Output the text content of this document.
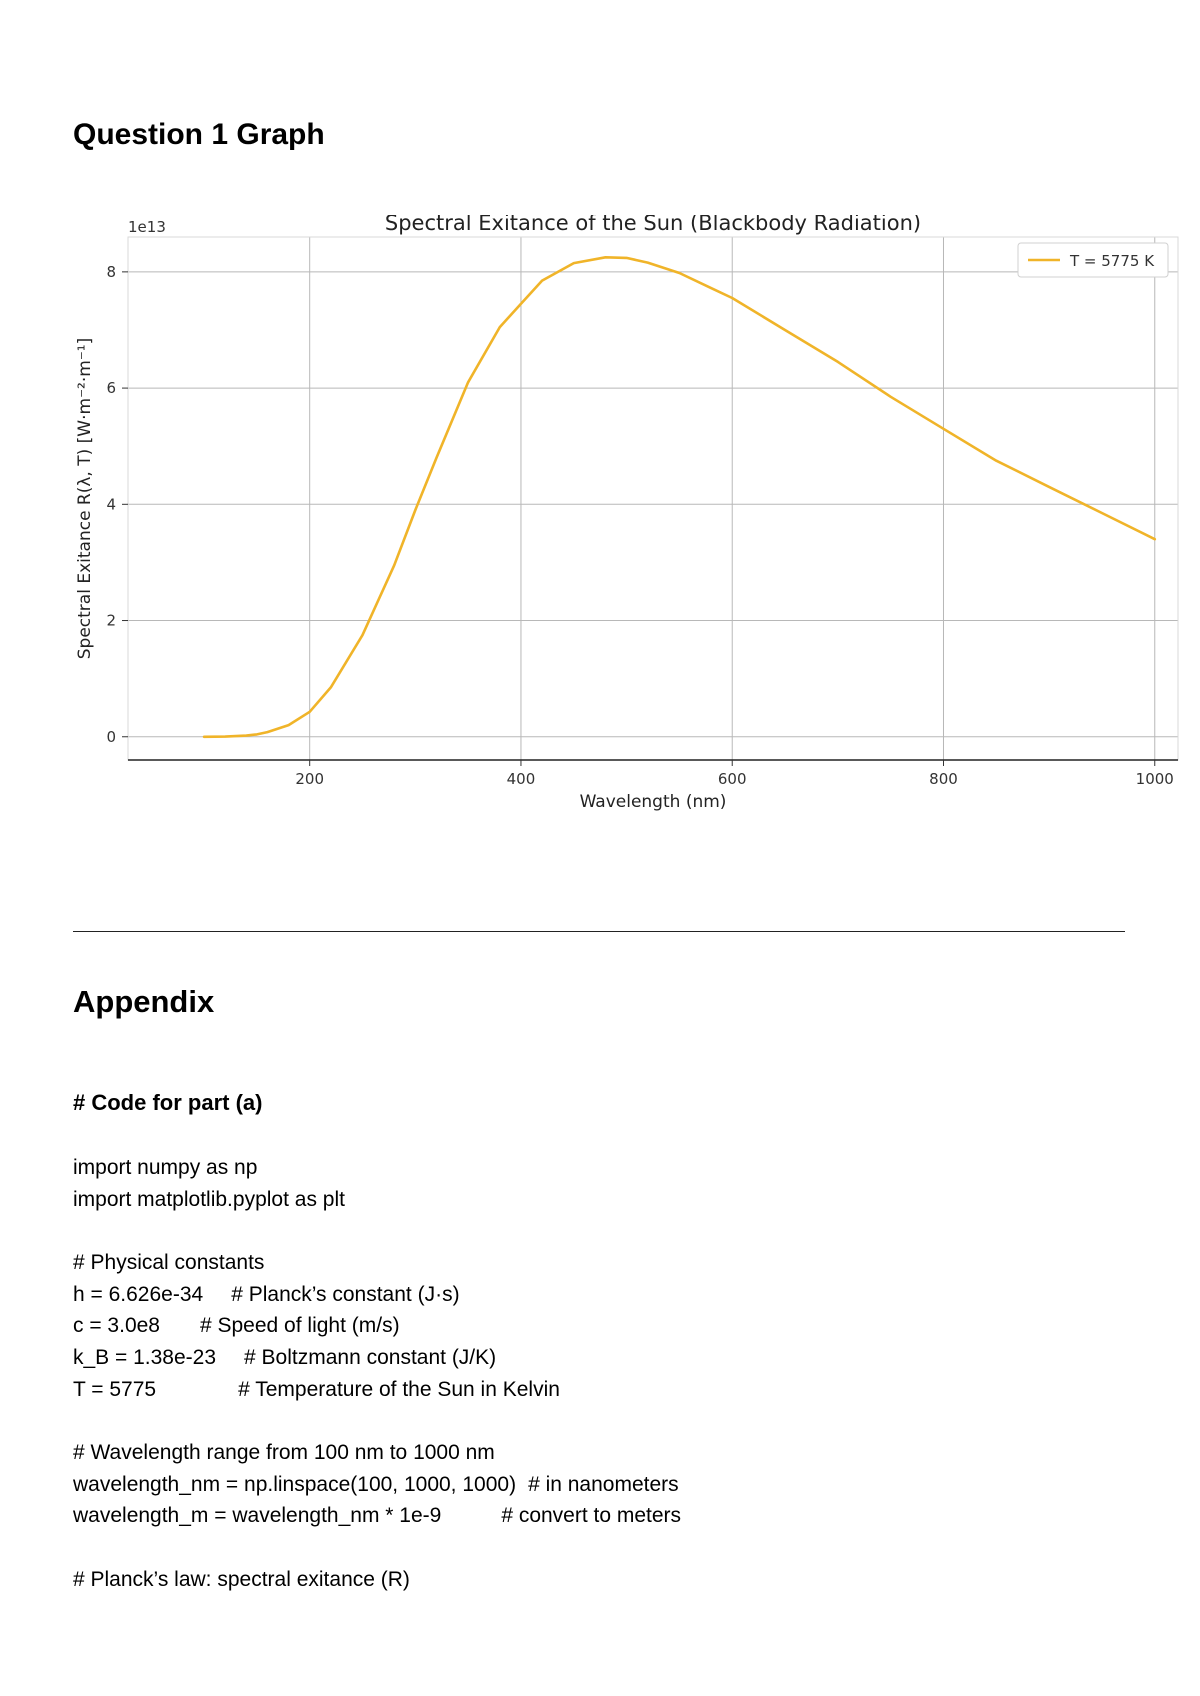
Question 1 Graph
200	400	600	800	1000
0
2
4
6
8
Spectral Exitance of the Sun (Blackbody Radiation)
Wavelength (nm)
Spectral Exitance R(λ, T) [W·m⁻²·m⁻¹]
1e13
T = 5775 K
Appendix
# Code for part (a)
import numpy as np
import matplotlib.pyplot as plt
# Physical constants
h = 6.626e-34 # Planck’s constant (J·s)
c = 3.0e8 # Speed of light (m/s)
k_B = 1.38e-23 # Boltzmann constant (J/K)
T = 5775	# Temperature of the Sun in Kelvin
# Wavelength range from 100 nm to 1000 nm
wavelength_nm = np.linspace(100, 1000, 1000) # in nanometers
wavelength_m = wavelength_nm * 1e-9	# convert to meters
# Planck’s law: spectral exitance (R)
